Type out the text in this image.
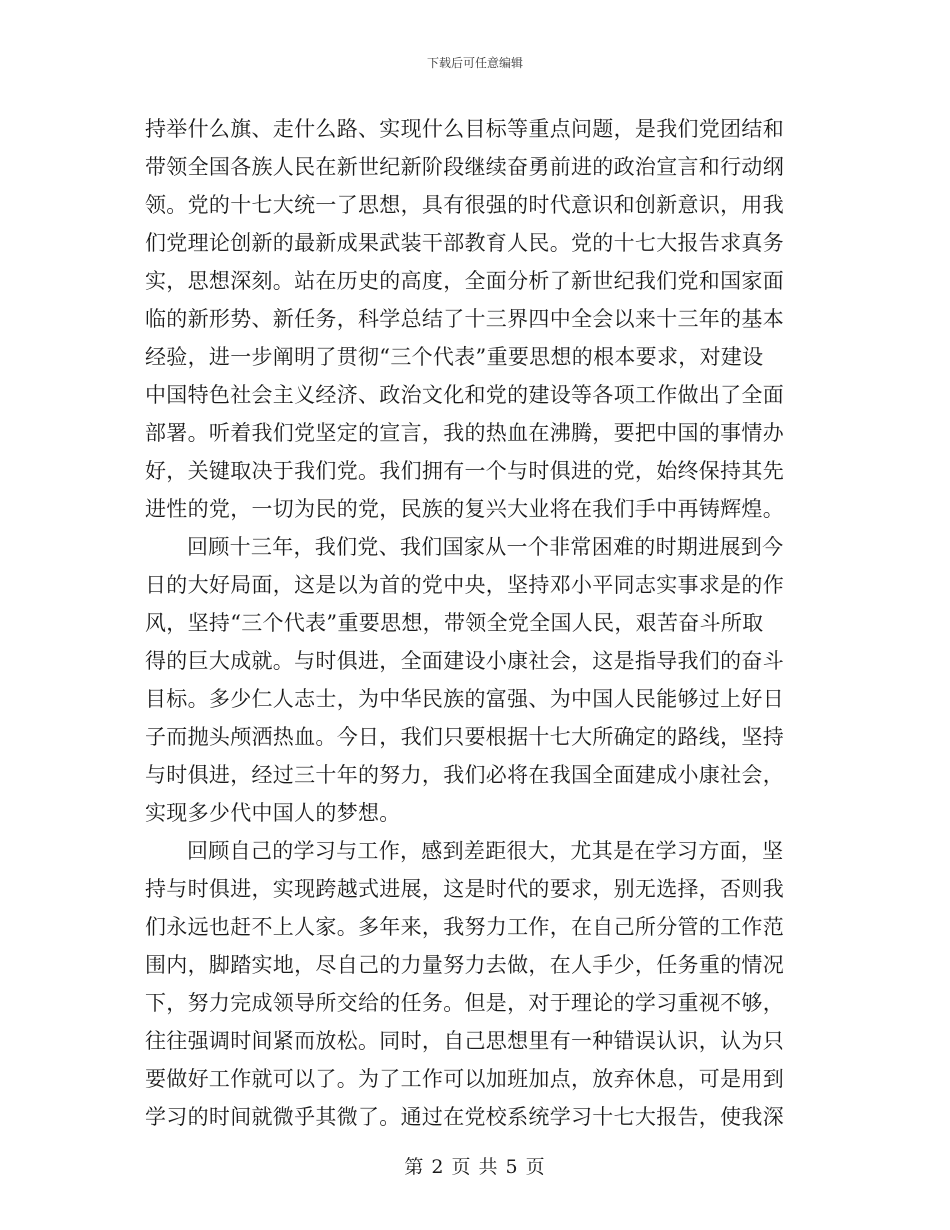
下载后可任意编辑
持举什么旗、走什么路、实现什么目标等重点问题，是我们党团结和
带领全国各族人民在新世纪新阶段继续奋勇前进的政治宣言和行动纲
领。党的十七大统一了思想，具有很强的时代意识和创新意识，用我
们党理论创新的最新成果武装干部教育人民。党的十七大报告求真务
实，思想深刻。站在历史的高度，全面分析了新世纪我们党和国家面
临的新形势、新任务，科学总结了十三界四中全会以来十三年的基本
经验，进一步阐明了贯彻“三个代表”重要思想的根本要求，对建设
中国特色社会主义经济、政治文化和党的建设等各项工作做出了全面
部署。听着我们党坚定的宣言，我的热血在沸腾，要把中国的事情办
好，关键取决于我们党。我们拥有一个与时俱进的党，始终保持其先
进性的党，一切为民的党，民族的复兴大业将在我们手中再铸辉煌。
回顾十三年，我们党、我们国家从一个非常困难的时期进展到今
日的大好局面，这是以为首的党中央，坚持邓小平同志实事求是的作
风，坚持“三个代表”重要思想，带领全党全国人民，艰苦奋斗所取
得的巨大成就。与时俱进，全面建设小康社会，这是指导我们的奋斗
目标。多少仁人志士，为中华民族的富强、为中国人民能够过上好日
子而抛头颅洒热血。今日，我们只要根据十七大所确定的路线，坚持
与时俱进，经过三十年的努力，我们必将在我国全面建成小康社会，
实现多少代中国人的梦想。
回顾自己的学习与工作，感到差距很大，尤其是在学习方面，坚
持与时俱进，实现跨越式进展，这是时代的要求，别无选择，否则我
们永远也赶不上人家。多年来，我努力工作，在自己所分管的工作范
围内，脚踏实地，尽自己的力量努力去做，在人手少，任务重的情况
下，努力完成领导所交给的任务。但是，对于理论的学习重视不够，
往往强调时间紧而放松。同时，自己思想里有一种错误认识，认为只
要做好工作就可以了。为了工作可以加班加点，放弃休息，可是用到
学习的时间就微乎其微了。通过在党校系统学习十七大报告，使我深
第 2 页 共 5 页
